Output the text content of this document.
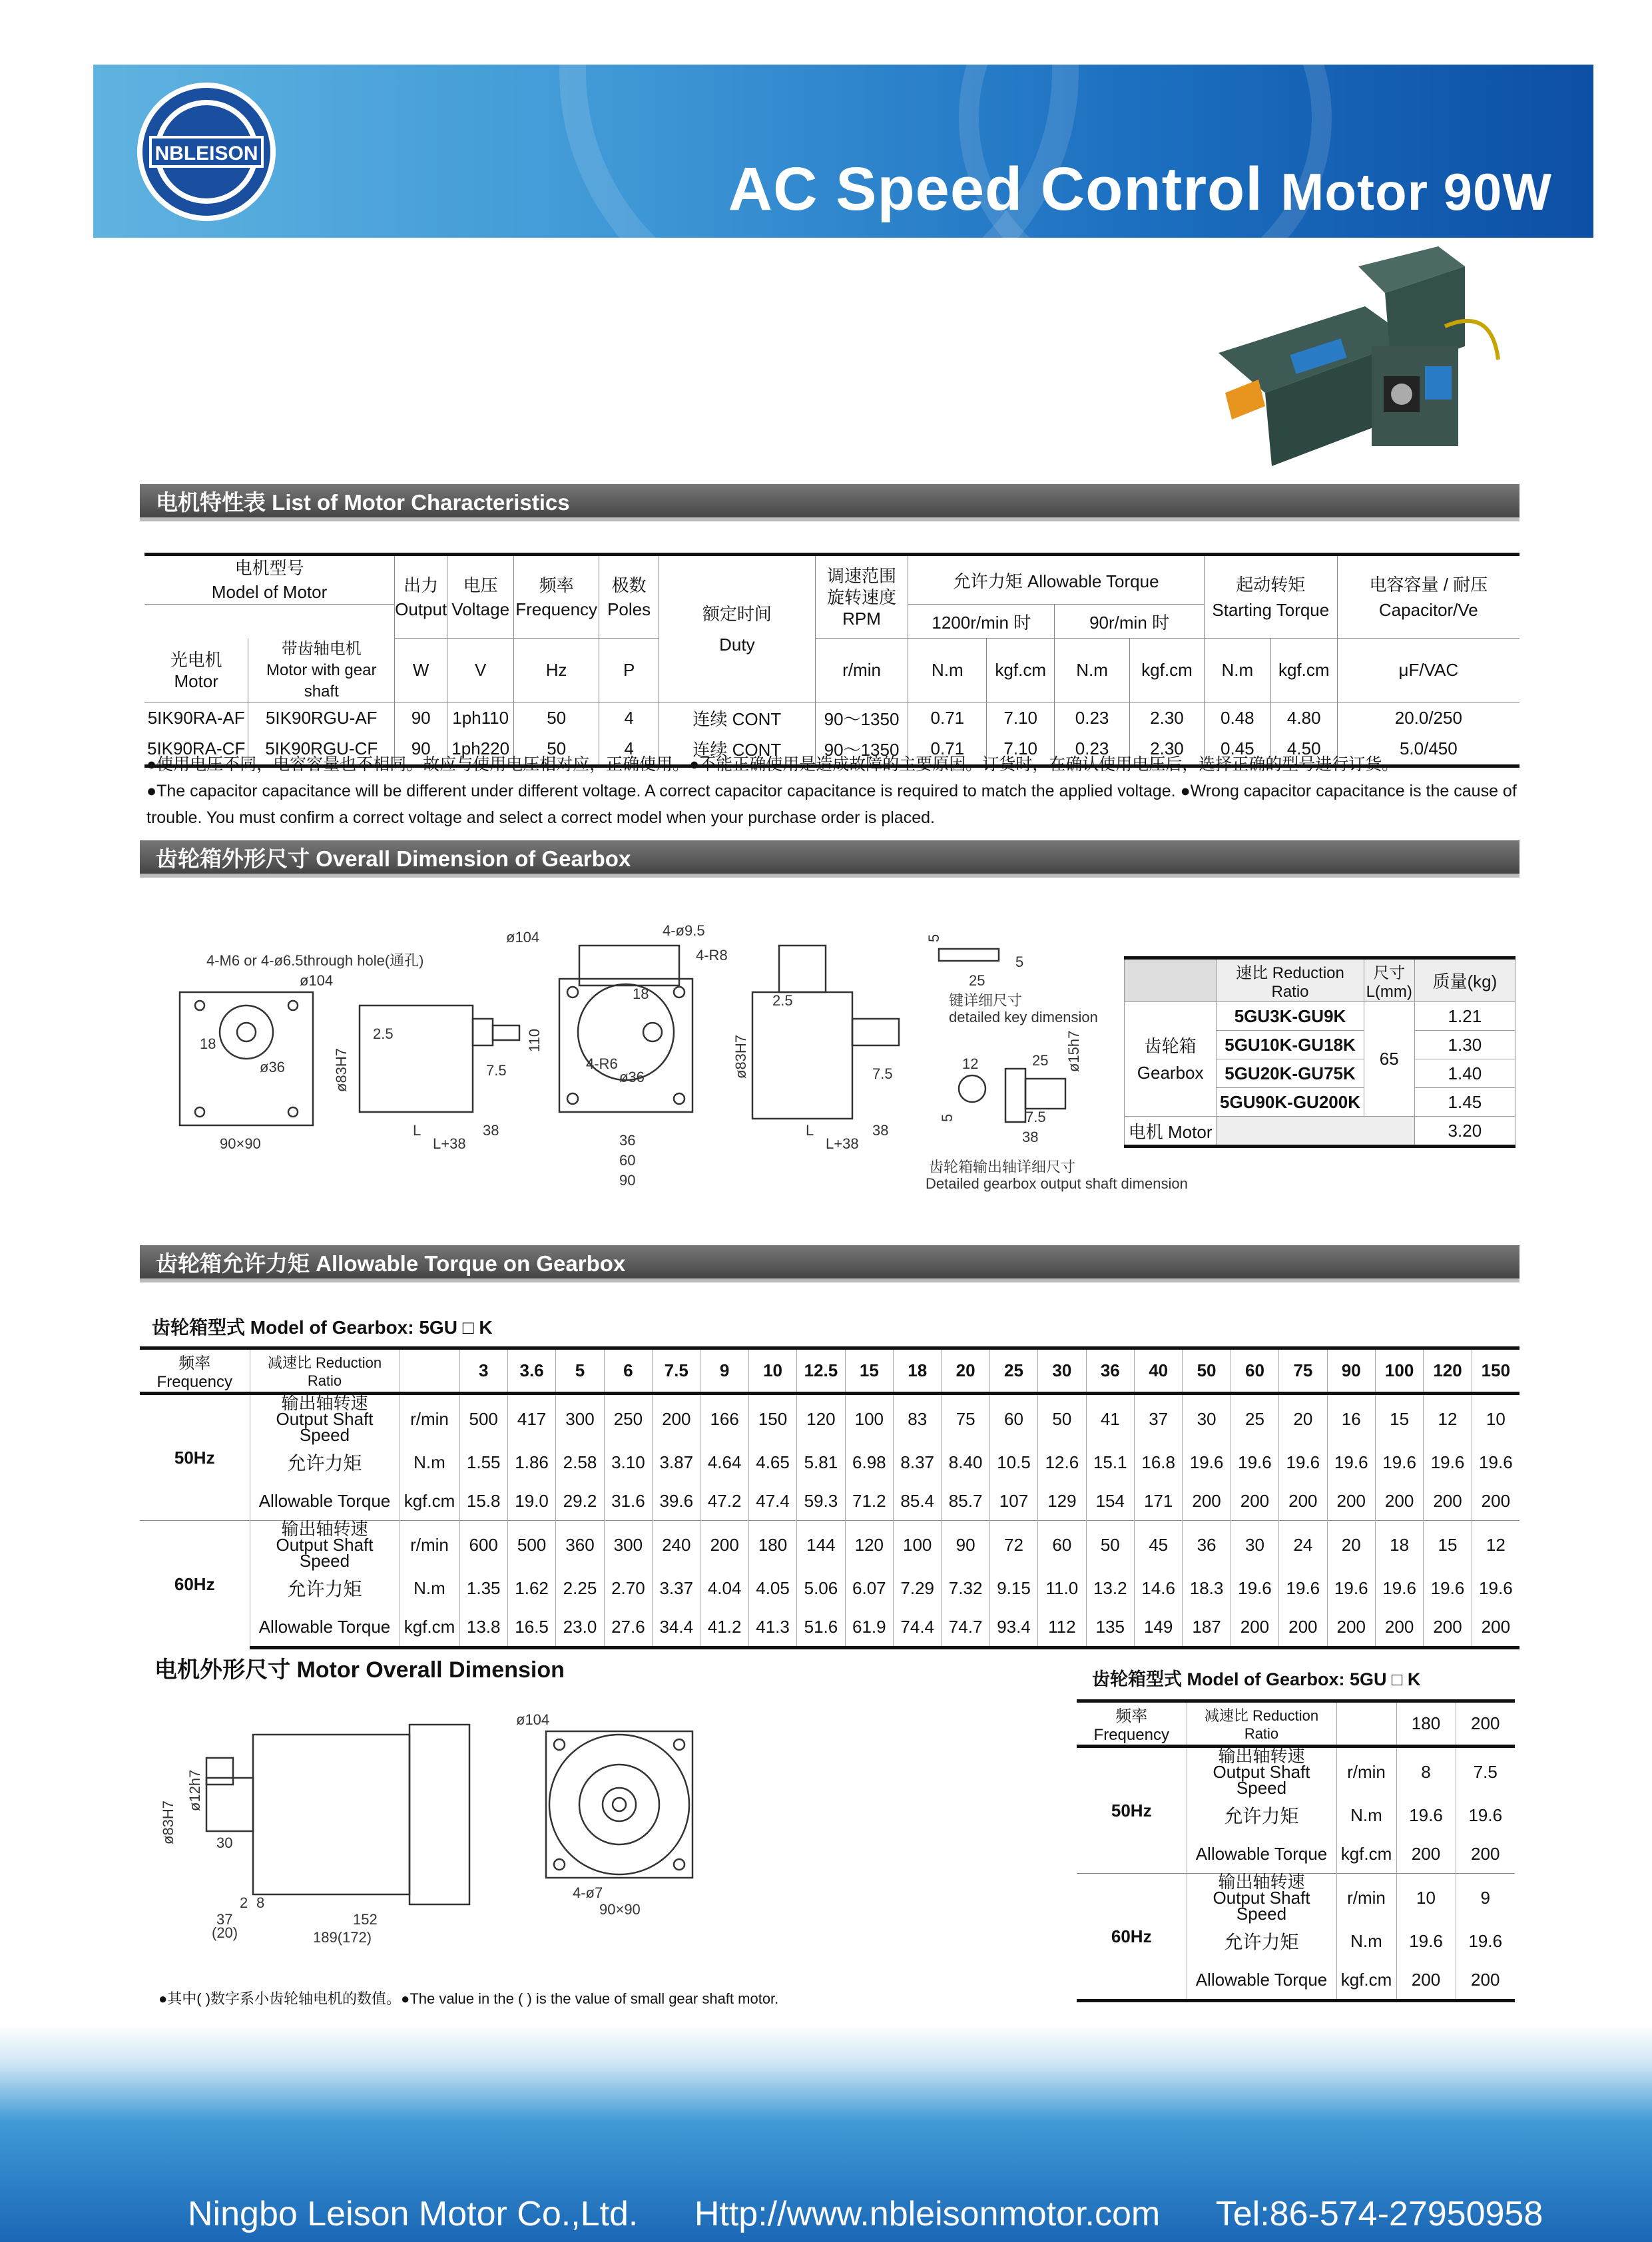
NBLEISON
AC Speed Control Motor 90W
电机特性表 List of Motor Characteristics
电机型号
Model of Motor		出力
Output	电压
Voltage	频率
Frequency	极数
Poles	额定时间
Duty	调速范围
旋转速度
RPM	允许力矩 Allowable Torque				起动转矩
Starting Torque		电容容量 / 耐压
Capacitor/Ve
								1200r/min 时		90r/min 时				
光电机
Motor	带齿轴电机
Motor with gear shaft	W	V	Hz	P		r/min	N.m	kgf.cm	N.m	kgf.cm	N.m	kgf.cm	μF/VAC
5IK90RA-AF	5IK90RGU-AF	90	1ph110	50	4	连续 CONT	90～1350	0.71	7.10	0.23	2.30	0.48	4.80	20.0/250
5IK90RA-CF	5IK90RGU-CF	90	1ph220	50	4	连续 CONT	90～1350	0.71	7.10	0.23	2.30	0.45	4.50	5.0/450
●使用电压不同，电容容量也不相同。故应与使用电压相对应，正确使用。●不能正确使用是造成故障的主要原因。订货时，在确认使用电压后，选择正确的型号进行订货。
●The capacitor capacitance will be different under different voltage. A correct capacitor capacitance is required to match the applied voltage. ●Wrong capacitor capacitance is the cause of trouble. You must confirm a correct voltage and select a correct model when your purchase order is placed.
齿轮箱外形尺寸 Overall Dimension of Gearbox
4-M6 or 4-ø6.5through hole(通孔)
ø104
ø36
18
90×90
2.5
7.5
ø83H7
L	38
L+38
ø104	4-ø9.5
4-R8
110
18
4-R6
ø36
36
60
90
ø83H7
2.5
7.5
L	38
L+38
5
5
25
键详细尺寸
detailed key dimension
12	25 ø15h7
5	7.5
38
齿轮箱输出轴详细尺寸
Detailed gearbox output shaft dimension
	速比 Reduction Ratio	尺寸 L(mm)	质量(kg)
齿轮箱
Gearbox	5GU3K-GU9K	65	1.21
	5GU10K-GU18K		1.30
	5GU20K-GU75K		1.40
	5GU90K-GU200K		1.45
电机 Motor			3.20
齿轮箱允许力矩 Allowable Torque on Gearbox
齿轮箱型式 Model of Gearbox: 5GU □ K
频率 Frequency	减速比 Reduction Ratio		3	3.6	5	6	7.5	9	10	12.5	15	18	20	25	30	36	40	50	60	75	90	100	120	150
50Hz	输出轴转速
Output Shaft Speed	r/min	500	417	300	250	200	166	150	120	100	83	75	60	50	41	37	30	25	20	16	15	12	10
	允许力矩	N.m	1.55	1.86	2.58	3.10	3.87	4.64	4.65	5.81	6.98	8.37	8.40	10.5	12.6	15.1	16.8	19.6	19.6	19.6	19.6	19.6	19.6	19.6
	Allowable Torque	kgf.cm	15.8	19.0	29.2	31.6	39.6	47.2	47.4	59.3	71.2	85.4	85.7	107	129	154	171	200	200	200	200	200	200	200
60Hz	输出轴转速
Output Shaft Speed	r/min	600	500	360	300	240	200	180	144	120	100	90	72	60	50	45	36	30	24	20	18	15	12
	允许力矩	N.m	1.35	1.62	2.25	2.70	3.37	4.04	4.05	5.06	6.07	7.29	7.32	9.15	11.0	13.2	14.6	18.3	19.6	19.6	19.6	19.6	19.6	19.6
	Allowable Torque	kgf.cm	13.8	16.5	23.0	27.6	34.4	41.2	41.3	51.6	61.9	74.4	74.7	93.4	112	135	149	187	200	200	200	200	200	200
电机外形尺寸 Motor Overall Dimension
ø83H7
ø12h7
30
2 8
37
(20)
152
189(172)
ø104
4-ø7
90×90
齿轮箱型式 Model of Gearbox: 5GU □ K
频率 Frequency	减速比 Reduction Ratio		180	200
50Hz	输出轴转速
Output Shaft Speed	r/min	8	7.5
	允许力矩	N.m	19.6	19.6
	Allowable Torque	kgf.cm	200	200
60Hz	输出轴转速
Output Shaft Speed	r/min	10	9
	允许力矩	N.m	19.6	19.6
	Allowable Torque	kgf.cm	200	200
●其中( )数字系小齿轮轴电机的数值。●The value in the ( ) is the value of small gear shaft motor.
Ningbo Leison Motor Co.,Ltd. Http://www.nbleisonmotor.com Tel:86-574-27950958
